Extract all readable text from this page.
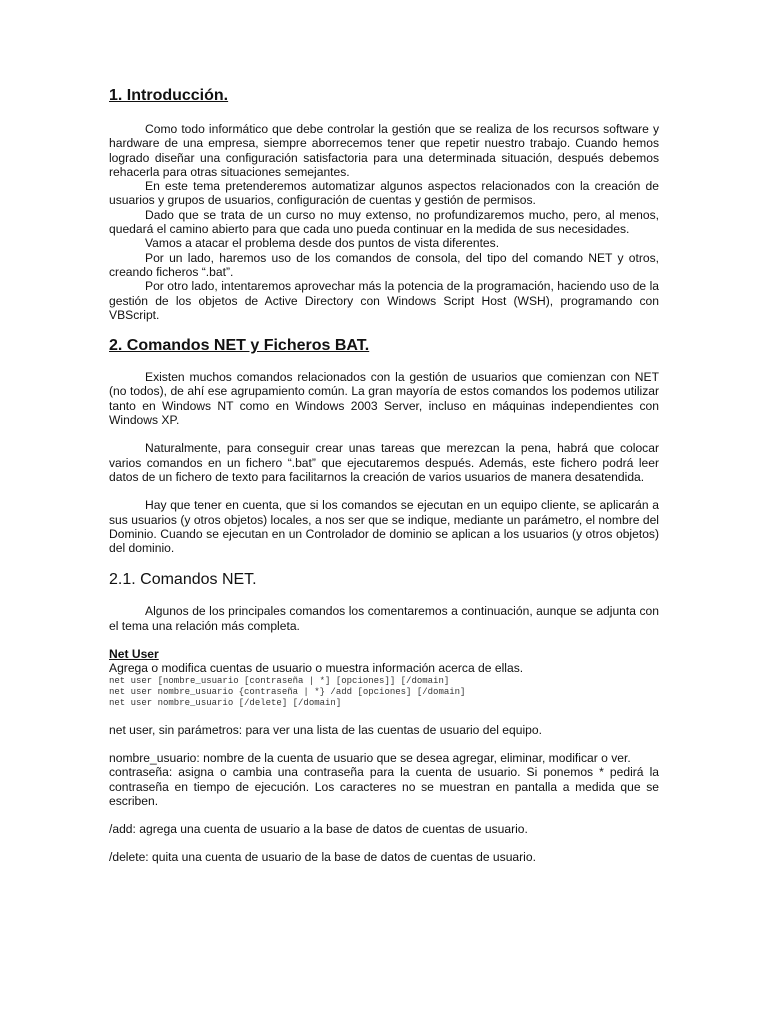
1. Introducción.

Como todo informático que debe controlar la gestión que se realiza de los recursos software y hardware de una empresa, siempre aborrecemos tener que repetir nuestro trabajo. Cuando hemos logrado diseñar una configuración satisfactoria para una determinada situación, después debemos rehacerla para otras situaciones semejantes.

En este tema pretenderemos automatizar algunos aspectos relacionados con la creación de usuarios y grupos de usuarios, configuración de cuentas y gestión de permisos.

Dado que se trata de un curso no muy extenso, no profundizaremos mucho, pero, al menos, quedará el camino abierto para que cada uno pueda continuar en la medida de sus necesidades.

Vamos a atacar el problema desde dos puntos de vista diferentes.

Por un lado, haremos uso de los comandos de consola, del tipo del comando NET y otros, creando ficheros “.bat”.

Por otro lado, intentaremos aprovechar más la potencia de la programación, haciendo uso de la gestión de los objetos de Active Directory con Windows Script Host (WSH), programando con VBScript.

2. Comandos NET y Ficheros BAT.

Existen muchos comandos relacionados con la gestión de usuarios que comienzan con NET (no todos), de ahí ese agrupamiento común. La gran mayoría de estos comandos los podemos utilizar tanto en Windows NT como en Windows 2003 Server, incluso en máquinas independientes con Windows XP.

Naturalmente, para conseguir crear unas tareas que merezcan la pena, habrá que colocar varios comandos en un fichero “.bat” que ejecutaremos después. Además, este fichero podrá leer datos de un fichero de texto para facilitarnos la creación de varios usuarios de manera desatendida.

Hay que tener en cuenta, que si los comandos se ejecutan en un equipo cliente, se aplicarán a sus usuarios (y otros objetos) locales, a nos ser que se indique, mediante un parámetro, el nombre del Dominio. Cuando se ejecutan en un Controlador de dominio se aplican a los usuarios (y otros objetos) del dominio.

2.1. Comandos NET.

Algunos de los principales comandos los comentaremos a continuación, aunque se adjunta con el tema una relación más completa.

Net User

Agrega o modifica cuentas de usuario o muestra información acerca de ellas.

net user [nombre_usuario [contraseña | *] [opciones]] [/domain]

net user nombre_usuario {contraseña | *} /add [opciones] [/domain]

net user nombre_usuario [/delete] [/domain]

net user, sin parámetros: para ver una lista de las cuentas de usuario del equipo.

nombre_usuario: nombre de la cuenta de usuario que se desea agregar, eliminar, modificar o ver.

contraseña: asigna o cambia una contraseña para la cuenta de usuario. Si ponemos * pedirá la contraseña en tiempo de ejecución. Los caracteres no se muestran en pantalla a medida que se escriben.

/add: agrega una cuenta de usuario a la base de datos de cuentas de usuario.

/delete: quita una cuenta de usuario de la base de datos de cuentas de usuario.
